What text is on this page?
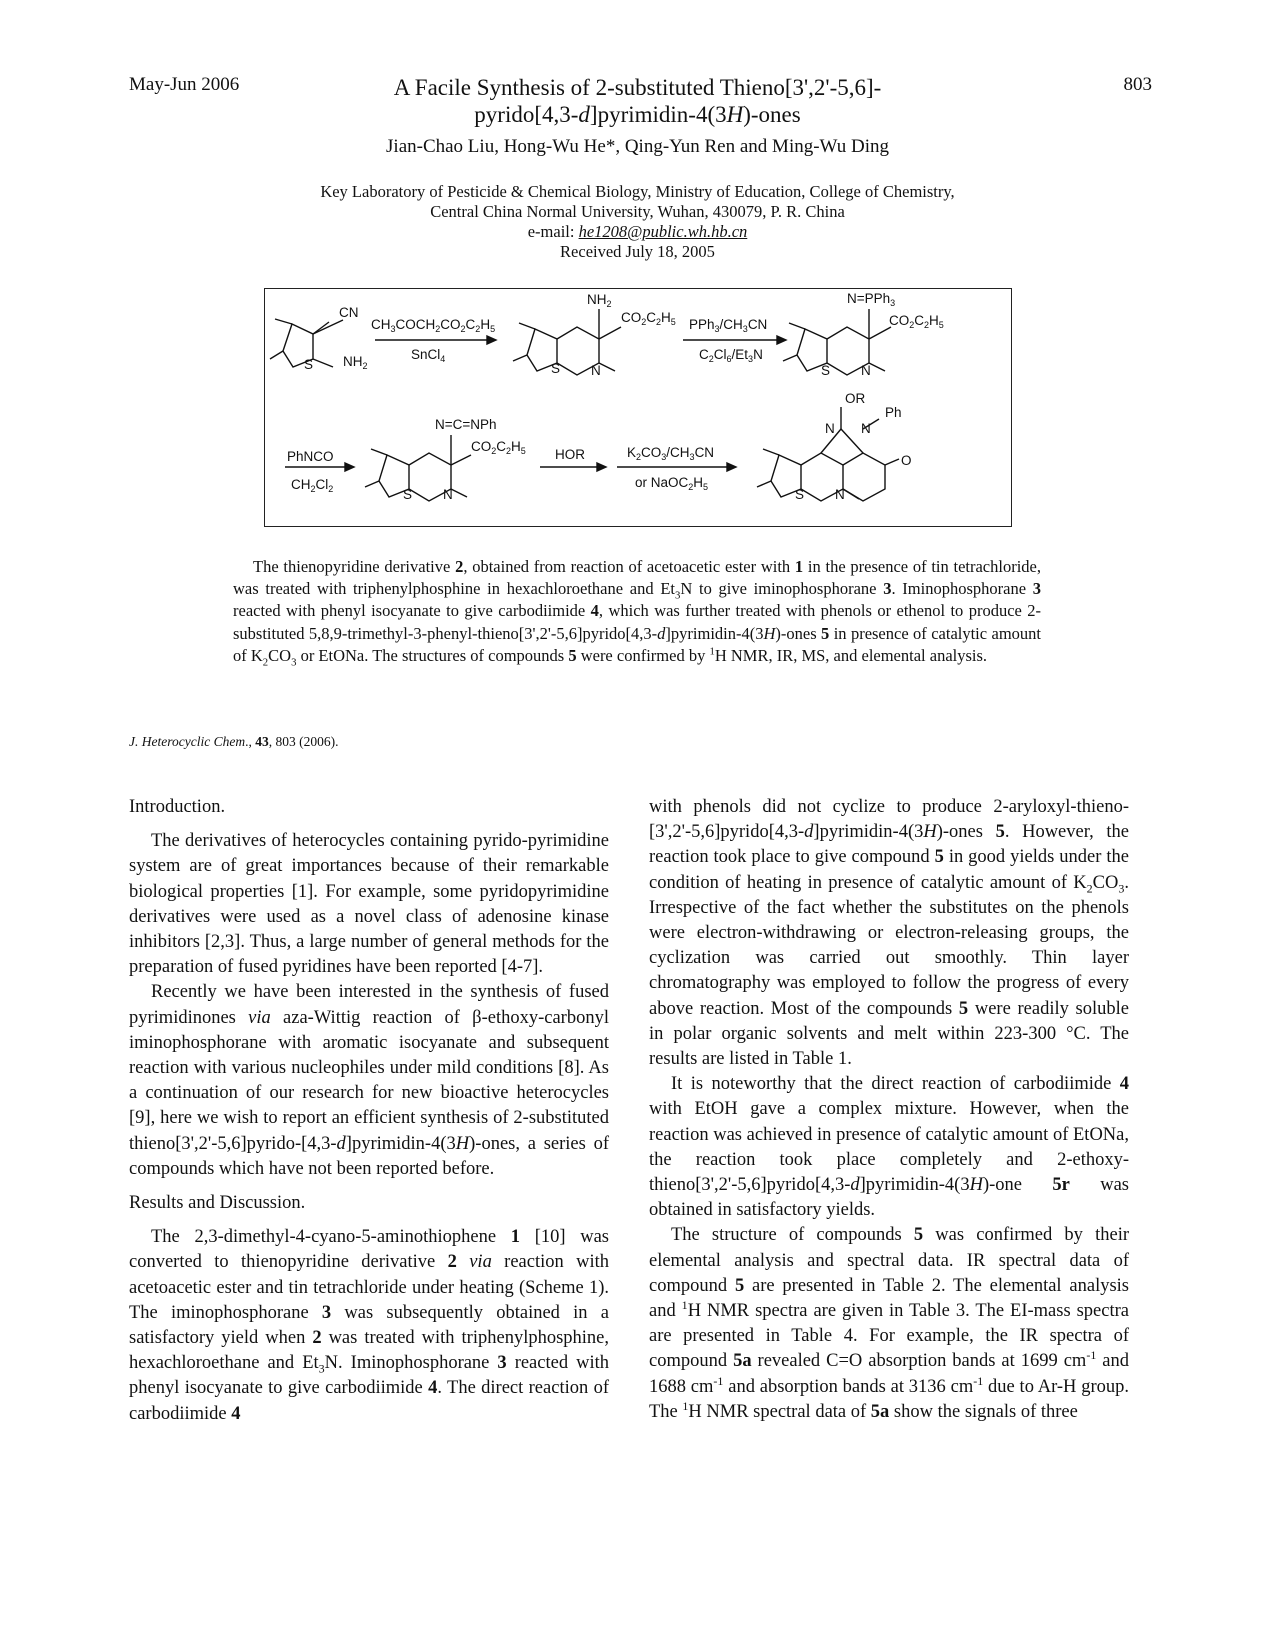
May-Jun 2006	803
A Facile Synthesis of 2-substituted Thieno[3',2'-5,6]-
pyrido[4,3-d]pyrimidin-4(3H)-ones
Jian-Chao Liu, Hong-Wu He*, Qing-Yun Ren and Ming-Wu Ding
Key Laboratory of Pesticide & Chemical Biology, Ministry of Education, College of Chemistry,
Central China Normal University, Wuhan, 430079, P. R. China
e-mail: he1208@public.wh.hb.cn
Received July 18, 2005
CN
$NH_2$
S
$CH_3COCH_2CO_2C_2H_5$
SnCl$_4$
$NH_2$
$CO_2C_2H_5$
S N
$PPh_3/CH_3CN$
$C_2Cl_6/Et_3N$
N=PPh$_3$
$CO_2C_2H_5$
S N
PhNCO
$CH_2Cl_2$
N=C=NPh
$CO_2C_2H_5$
S N
HOR	$K_2CO_3/CH_3CN$
or $NaOC_2H_5$
OR
Ph
N N
O
S N

The thienopyridine derivative 2, obtained from reaction of acetoacetic ester with 1 in the presence of tin tetrachloride, was treated with triphenylphosphine in hexachloroethane and $Et_3N$ to give iminophosphorane 3. Iminophosphorane 3 reacted with phenyl isocyanate to give carbodiimide 4, which was further treated with phenols or ethenol to produce 2-substituted 5,8,9-trimethyl-3-phenyl-thieno[3',2'-5,6]pyrido[4,3-d]pyrimidin-4(3H)-ones 5 in presence of catalytic amount of $K_2CO_3$ or EtONa. The structures of compounds 5 were confirmed by $^1$H NMR, IR, MS, and elemental analysis.

J. Heterocyclic Chem., 43, 803 (2006).

Introduction.

The derivatives of heterocycles containing pyrido-pyrimidine system are of great importances because of their remarkable biological properties [1]. For example, some pyridopyrimidine derivatives were used as a novel class of adenosine kinase inhibitors [2,3]. Thus, a large number of general methods for the preparation of fused pyridines have been reported [4-7].

Recently we have been interested in the synthesis of fused pyrimidinones via aza-Wittig reaction of β-ethoxy-carbonyl iminophosphorane with aromatic isocyanate and subsequent reaction with various nucleophiles under mild conditions [8]. As a continuation of our research for new bioactive heterocycles [9], here we wish to report an efficient synthesis of 2-substituted thieno[3',2'-5,6]pyrido-[4,3-d]pyrimidin-4(3H)-ones, a series of compounds which have not been reported before.

Results and Discussion.

The 2,3-dimethyl-4-cyano-5-aminothiophene 1 [10] was converted to thienopyridine derivative 2 via reaction with acetoacetic ester and tin tetrachloride under heating (Scheme 1). The iminophosphorane 3 was subsequently obtained in a satisfactory yield when 2 was treated with triphenylphosphine, hexachloroethane and $Et_3N$. Iminophosphorane 3 reacted with phenyl isocyanate to give carbodiimide 4. The direct reaction of carbodiimide 4

with phenols did not cyclize to produce 2-aryloxyl-thieno-[3',2'-5,6]pyrido[4,3-d]pyrimidin-4(3H)-ones 5. However, the reaction took place to give compound 5 in good yields under the condition of heating in presence of catalytic amount of $K_2CO_3$. Irrespective of the fact whether the substitutes on the phenols were electron-withdrawing or electron-releasing groups, the cyclization was carried out smoothly. Thin layer chromatography was employed to follow the progress of every above reaction. Most of the compounds 5 were readily soluble in polar organic solvents and melt within 223-300 °C. The results are listed in Table 1.

It is noteworthy that the direct reaction of carbodiimide 4 with EtOH gave a complex mixture. However, when the reaction was achieved in presence of catalytic amount of EtONa, the reaction took place completely and 2-ethoxy-thieno[3',2'-5,6]pyrido[4,3-d]pyrimidin-4(3H)-one 5r was obtained in satisfactory yields.

The structure of compounds 5 was confirmed by their elemental analysis and spectral data. IR spectral data of compound 5 are presented in Table 2. The elemental analysis and $^1$H NMR spectra are given in Table 3. The EI-mass spectra are presented in Table 4. For example, the IR spectra of compound 5a revealed C=O absorption bands at 1699 $cm^{-1}$ and 1688 $cm^{-1}$ and absorption bands at 3136 $cm^{-1}$ due to Ar-H group. The $^1$H NMR spectral data of 5a show the signals of three
